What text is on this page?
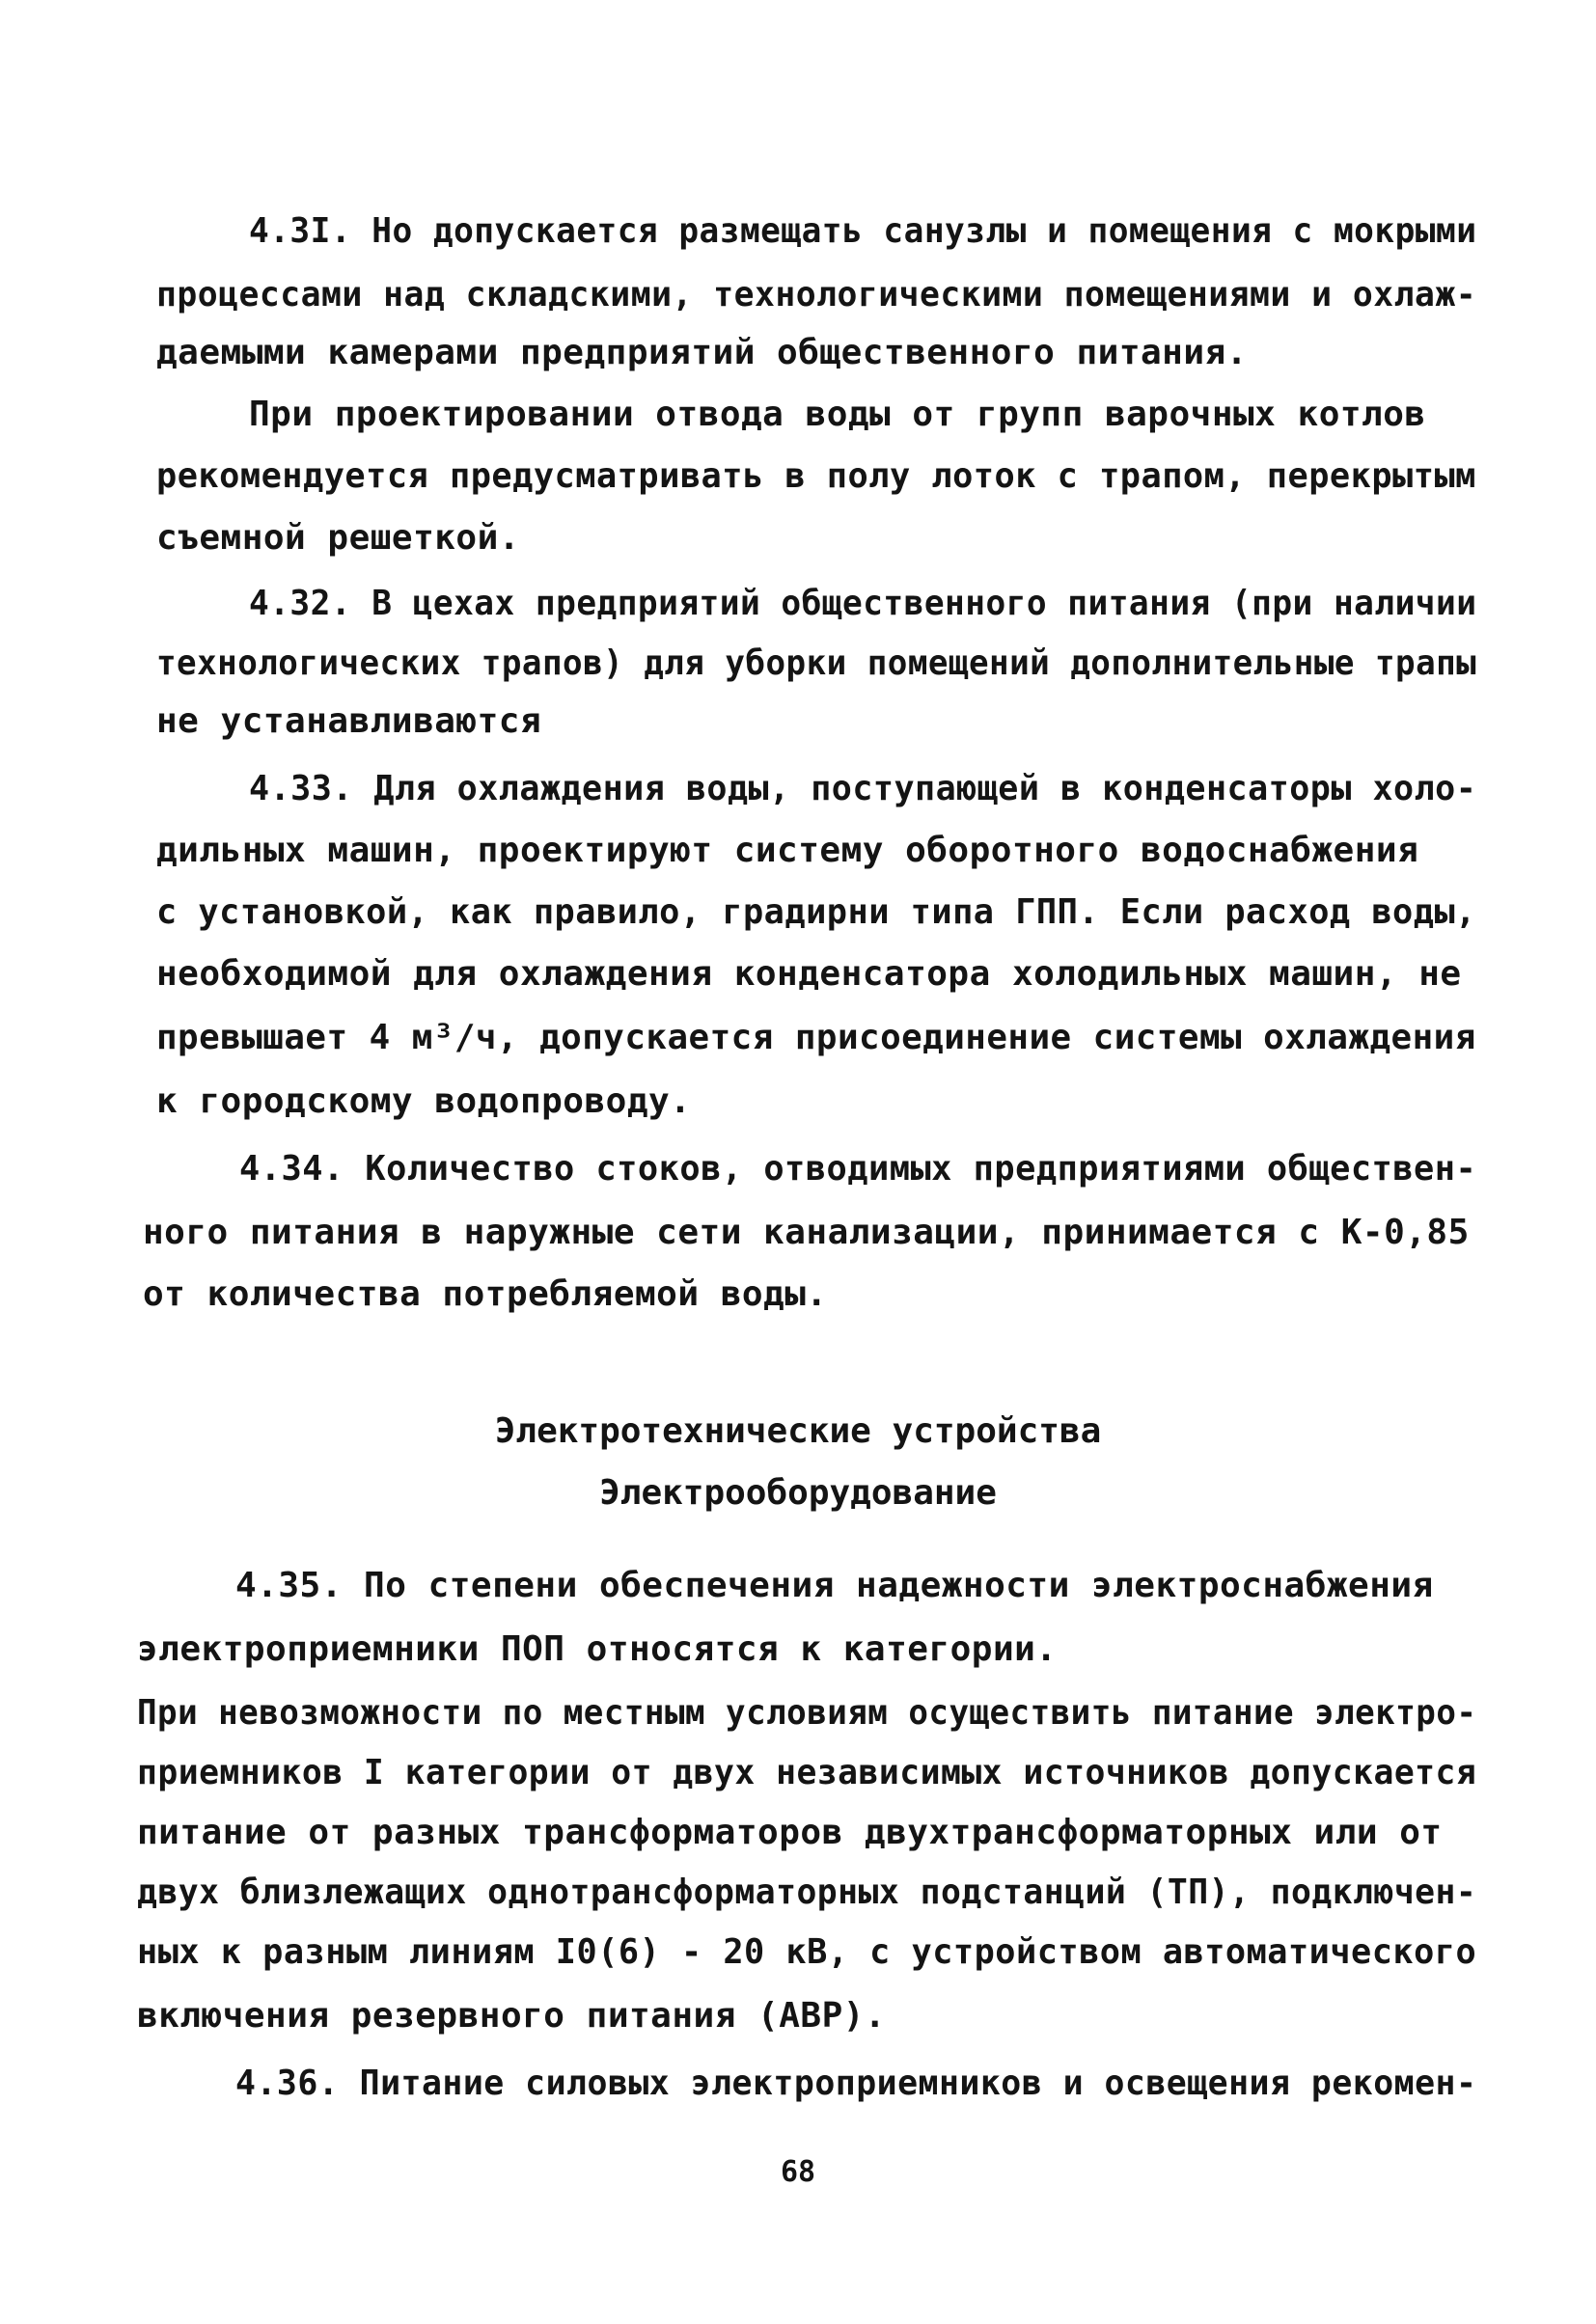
4.3I. Но допускается размещать санузлы и помещения с мокрыми
процессами над складскими, технологическими помещениями и охлаж-
даемыми камерами предприятий общественного питания.
При проектировании отвода воды от групп варочных котлов
рекомендуется предусматривать в полу лоток с трапом, перекрытым
съемной решеткой.
4.32. В цехах предприятий общественного питания (при наличии
технологических трапов) для уборки помещений дополнительные трапы
не устанавливаются
4.33. Для охлаждения воды, поступающей в конденсаторы холо-
дильных машин, проектируют систему оборотного водоснабжения
с установкой, как правило, градирни типа ГПП. Если расход воды,
необходимой для охлаждения конденсатора холодильных машин, не
превышает 4 м³/ч, допускается присоединение системы охлаждения
к городскому водопроводу.
4.34. Количество стоков, отводимых предприятиями обществен-
ного питания в наружные сети канализации, принимается с К-0,85
от количества потребляемой воды.
Электротехнические устройства
Электрооборудование
4.35. По степени обеспечения надежности электроснабжения
электроприемники ПОП относятся к категории.
При невозможности по местным условиям осуществить питание электро-
приемников I категории от двух независимых источников допускается
питание от разных трансформаторов двухтрансформаторных или от
двух близлежащих однотрансформаторных подстанций (ТП), подключен-
ных к разным линиям I0(6) - 20 кВ, с устройством автоматического
включения резервного питания (АВР).
4.36. Питание силовых электроприемников и освещения рекомен-
68
